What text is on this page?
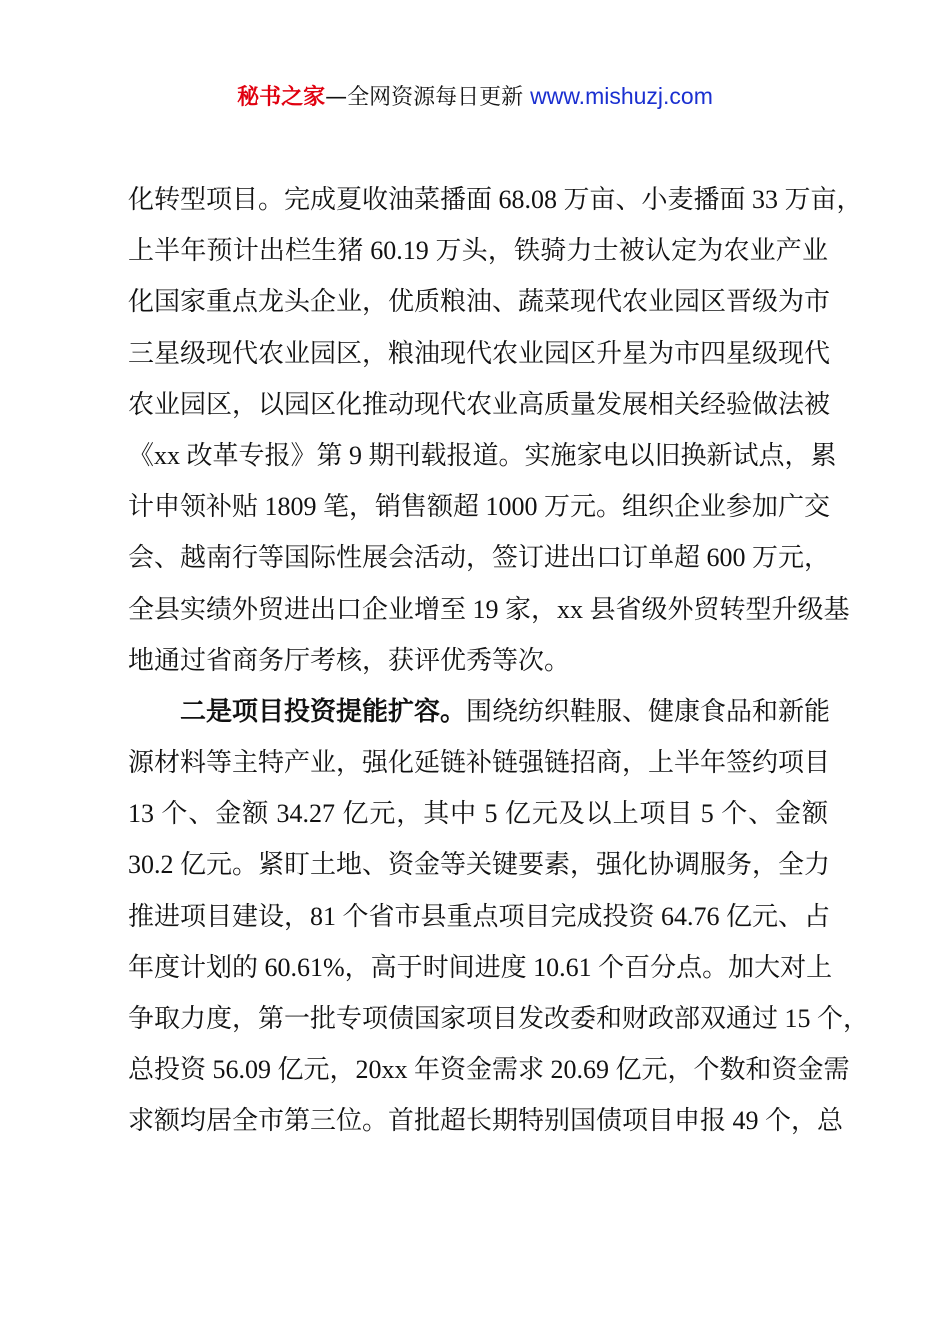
秘书之家—全网资源每日更新 www.mishuzj.com
化转型项目。完成夏收油菜播面 68.08 万亩、小麦播面 33 万亩，
上半年预计出栏生猪 60.19 万头，铁骑力士被认定为农业产业
化国家重点龙头企业，优质粮油、蔬菜现代农业园区晋级为市
三星级现代农业园区，粮油现代农业园区升星为市四星级现代
农业园区，以园区化推动现代农业高质量发展相关经验做法被
《xx 改革专报》第 9 期刊载报道。实施家电以旧换新试点，累
计申领补贴 1809 笔，销售额超 1000 万元。组织企业参加广交
会、越南行等国际性展会活动，签订进出口订单超 600 万元，
全县实绩外贸进出口企业增至 19 家，xx 县省级外贸转型升级基
地通过省商务厅考核，获评优秀等次。
二是项目投资提能扩容。围绕纺织鞋服、健康食品和新能
源材料等主特产业，强化延链补链强链招商，上半年签约项目
13 个、金额 34.27 亿元，其中 5 亿元及以上项目 5 个、金额
30.2 亿元。紧盯土地、资金等关键要素，强化协调服务，全力
推进项目建设，81 个省市县重点项目完成投资 64.76 亿元、占
年度计划的 60.61%，高于时间进度 10.61 个百分点。加大对上
争取力度，第一批专项债国家项目发改委和财政部双通过 15 个，
总投资 56.09 亿元，20xx 年资金需求 20.69 亿元，个数和资金需
求额均居全市第三位。首批超长期特别国债项目申报 49 个，总
